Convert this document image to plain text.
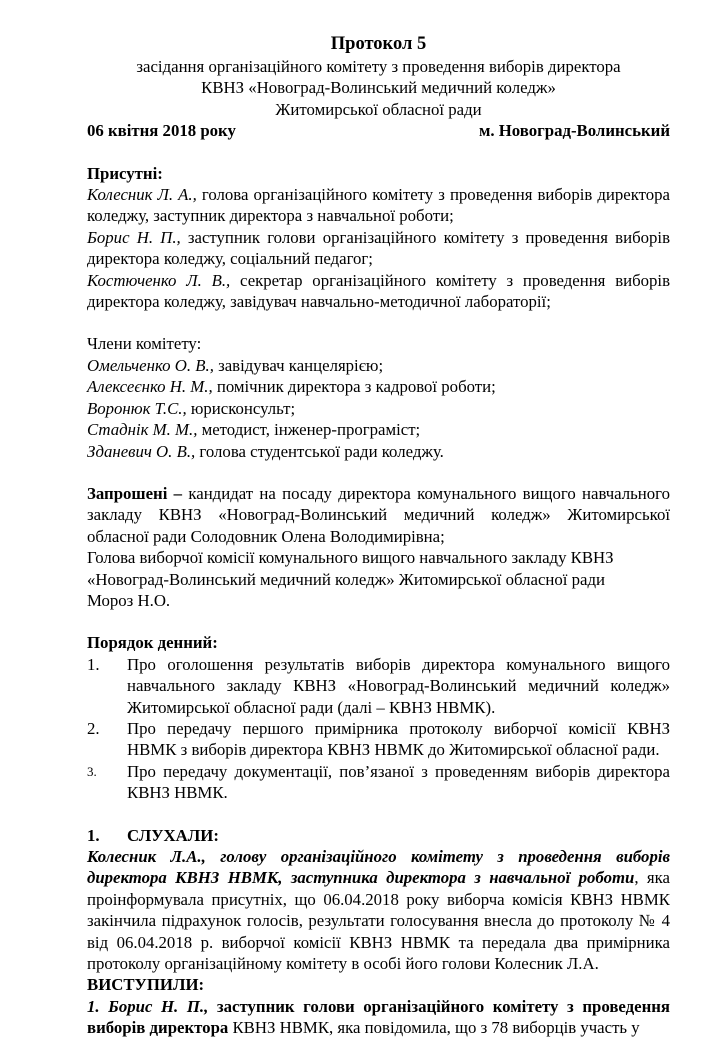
Протокол 5
засідання організаційного комітету з проведення виборів директора
КВНЗ «Новоград-Волинський медичний коледж»
Житомирської обласної ради
06 квітня 2018 року	м. Новоград-Волинський
Присутні:
Колесник Л. А., голова організаційного комітету з проведення виборів директора коледжу, заступник директора з навчальної роботи;
Борис Н. П., заступник голови організаційного комітету з проведення виборів директора коледжу, соціальний педагог;
Костюченко Л. В., секретар організаційного комітету з проведення виборів директора коледжу, завідувач навчально-методичної лабораторії;
Члени комітету:
Омельченко О. В., завідувач канцелярією;
Алексеєнко Н. М., помічник директора з кадрової роботи;
Воронюк Т.С., юрисконсульт;
Стаднік М. М., методист, інженер-програміст;
Зданевич О. В., голова студентської ради коледжу.
Запрошені – кандидат на посаду директора комунального вищого навчального закладу КВНЗ «Новоград-Волинський медичний коледж» Житомирської обласної ради Солодовник Олена Володимирівна;
Голова виборчої комісії комунального вищого навчального закладу КВНЗ «Новоград-Волинський медичний коледж» Житомирської обласної ради
Мороз Н.О.
Порядок денний:
1.	Про оголошення результатів виборів директора комунального вищого навчального закладу КВНЗ «Новоград-Волинський медичний коледж» Житомирської обласної ради (далі – КВНЗ НВМК).
2.	Про передачу першого примірника протоколу виборчої комісії КВНЗ НВМК з виборів директора КВНЗ НВМК до Житомирської обласної ради.
3.	Про передачу документації, пов’язаної з проведенням виборів директора КВНЗ НВМК.
1.	СЛУХАЛИ:
Колесник Л.А., голову організаційного комітету з проведення виборів директора КВНЗ НВМК, заступника директора з навчальної роботи, яка проінформувала присутніх, що 06.04.2018 року виборча комісія КВНЗ НВМК закінчила підрахунок голосів, результати голосування внесла до протоколу № 4 від 06.04.2018 р. виборчої комісії КВНЗ НВМК та передала два примірника протоколу організаційному комітету в особі його голови Колесник Л.А.
ВИСТУПИЛИ:
1. Борис Н. П., заступник голови організаційного комітету з проведення виборів директора КВНЗ НВМК, яка повідомила, що з 78 виборців участь у
